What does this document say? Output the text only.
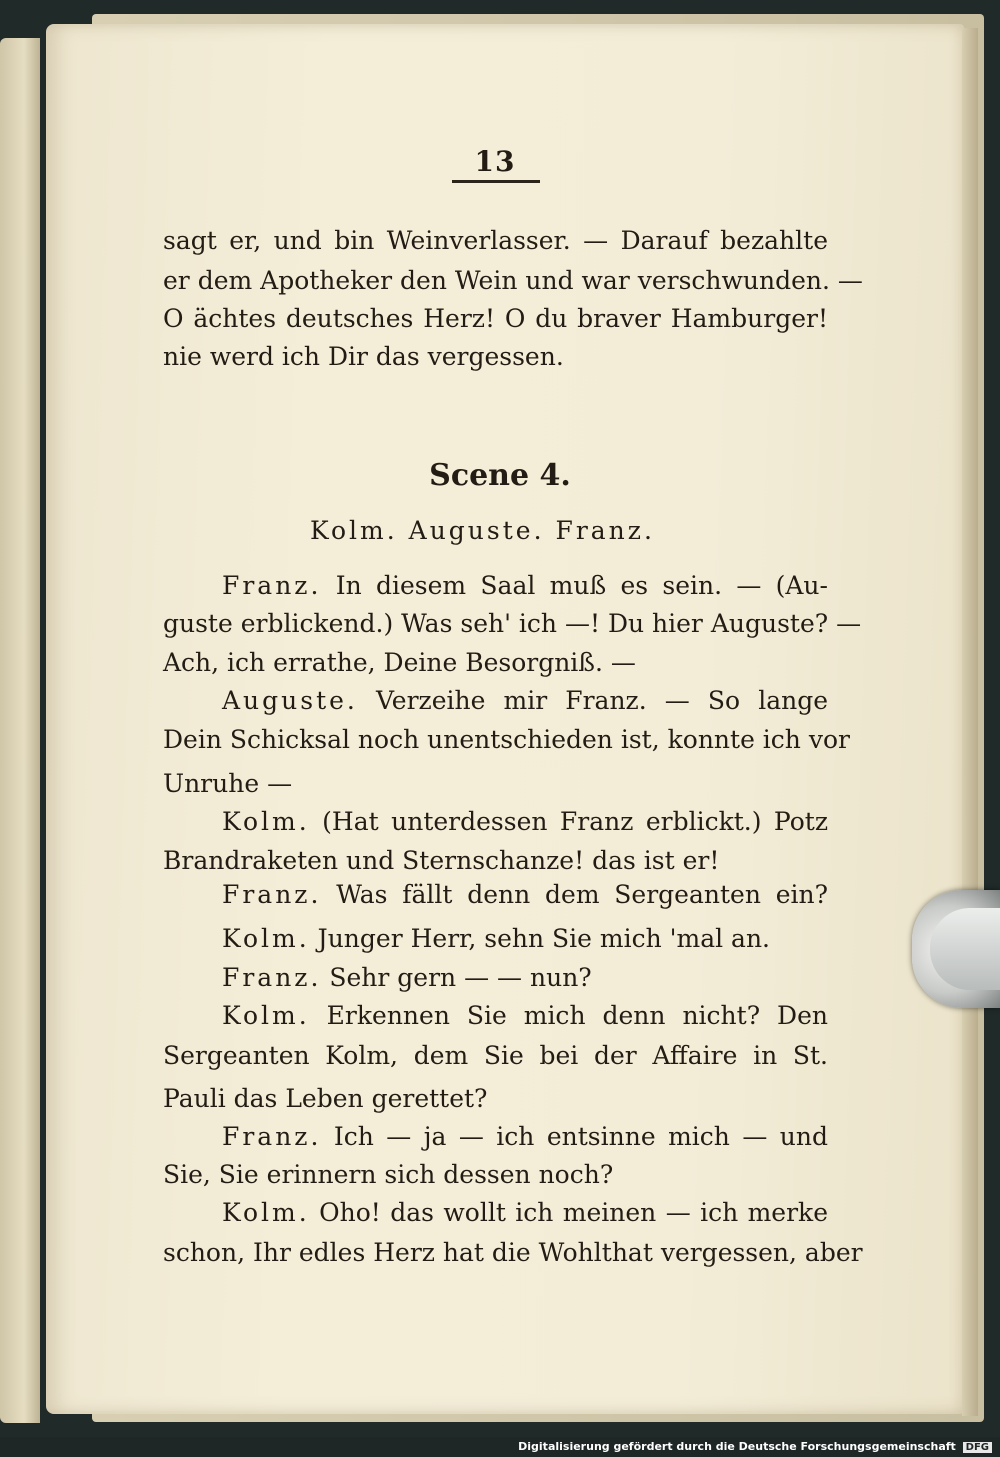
13
sagt er, und bin Weinverlasser. — Darauf bezahlte
er dem Apotheker den Wein und war verschwunden. —
O ächtes deutsches Herz! O du braver Hamburger!
nie werd ich Dir das vergessen.
Scene 4.
Kolm. Auguste. Franz.
Franz. In diesem Saal muß es sein. — (Au-
guste erblickend.) Was seh' ich —! Du hier Auguste? —
Ach, ich errathe, Deine Besorgniß. —
Auguste. Verzeihe mir Franz. — So lange
Dein Schicksal noch unentschieden ist, konnte ich vor
Unruhe —
Kolm. (Hat unterdessen Franz erblickt.) Potz
Brandraketen und Sternschanze! das ist er!
Franz. Was fällt denn dem Sergeanten ein?
Kolm. Junger Herr, sehn Sie mich 'mal an.
Franz. Sehr gern — — nun?
Kolm. Erkennen Sie mich denn nicht? Den
Sergeanten Kolm, dem Sie bei der Affaire in St.
Pauli das Leben gerettet?
Franz. Ich — ja — ich entsinne mich — und
Sie, Sie erinnern sich dessen noch?
Kolm. Oho! das wollt ich meinen — ich merke
schon, Ihr edles Herz hat die Wohlthat vergessen, aber
Digitalisierung gefördert durch die Deutsche Forschungsgemeinschaft DFG
